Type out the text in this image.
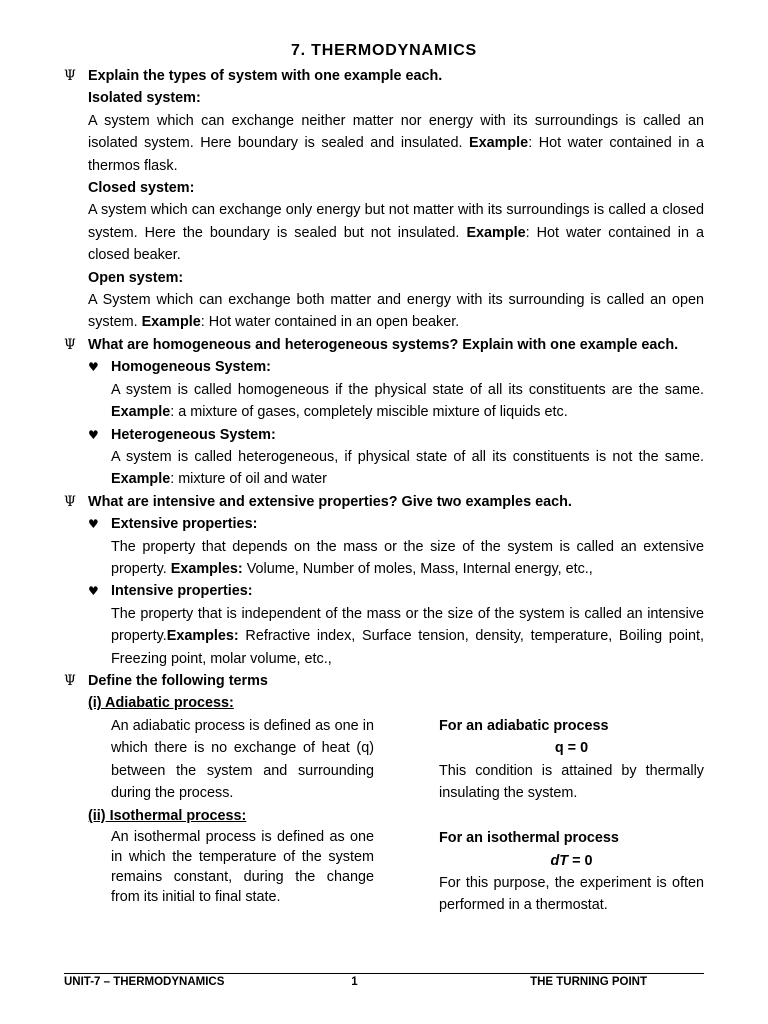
7. THERMODYNAMICS
Ψ Explain the types of system with one example each.
Isolated system:
A system which can exchange neither matter nor energy with its surroundings is called an isolated system. Here boundary is sealed and insulated. Example: Hot water contained in a thermos flask.
Closed system:
A system which can exchange only energy but not matter with its surroundings is called a closed system. Here the boundary is sealed but not insulated. Example: Hot water contained in a closed beaker.
Open system:
A System which can exchange both matter and energy with its surrounding is called an open system. Example: Hot water contained in an open beaker.
Ψ What are homogeneous and heterogeneous systems? Explain with one example each.
♥ Homogeneous System:
A system is called homogeneous if the physical state of all its constituents are the same. Example: a mixture of gases, completely miscible mixture of liquids etc.
♥ Heterogeneous System:
A system is called heterogeneous, if physical state of all its constituents is not the same. Example: mixture of oil and water
Ψ What are intensive and extensive properties? Give two examples each.
♥ Extensive properties:
The property that depends on the mass or the size of the system is called an extensive property. Examples: Volume, Number of moles, Mass, Internal energy, etc.,
♥ Intensive properties:
The property that is independent of the mass or the size of the system is called an intensive property.Examples: Refractive index, Surface tension, density, temperature, Boiling point, Freezing point, molar volume, etc.,
Ψ Define the following terms
(i) Adiabatic process:
An adiabatic process is defined as one in which there is no exchange of heat (q) between the system and surrounding during the process.
For an adiabatic process
q = 0
This condition is attained by thermally insulating the system.
(ii) Isothermal process:
An isothermal process is defined as one in which the temperature of the system remains constant, during the change from its initial to final state.
For an isothermal process
dT = 0
For this purpose, the experiment is often performed in a thermostat.
UNIT-7 – THERMODYNAMICS	1	THE TURNING POINT
